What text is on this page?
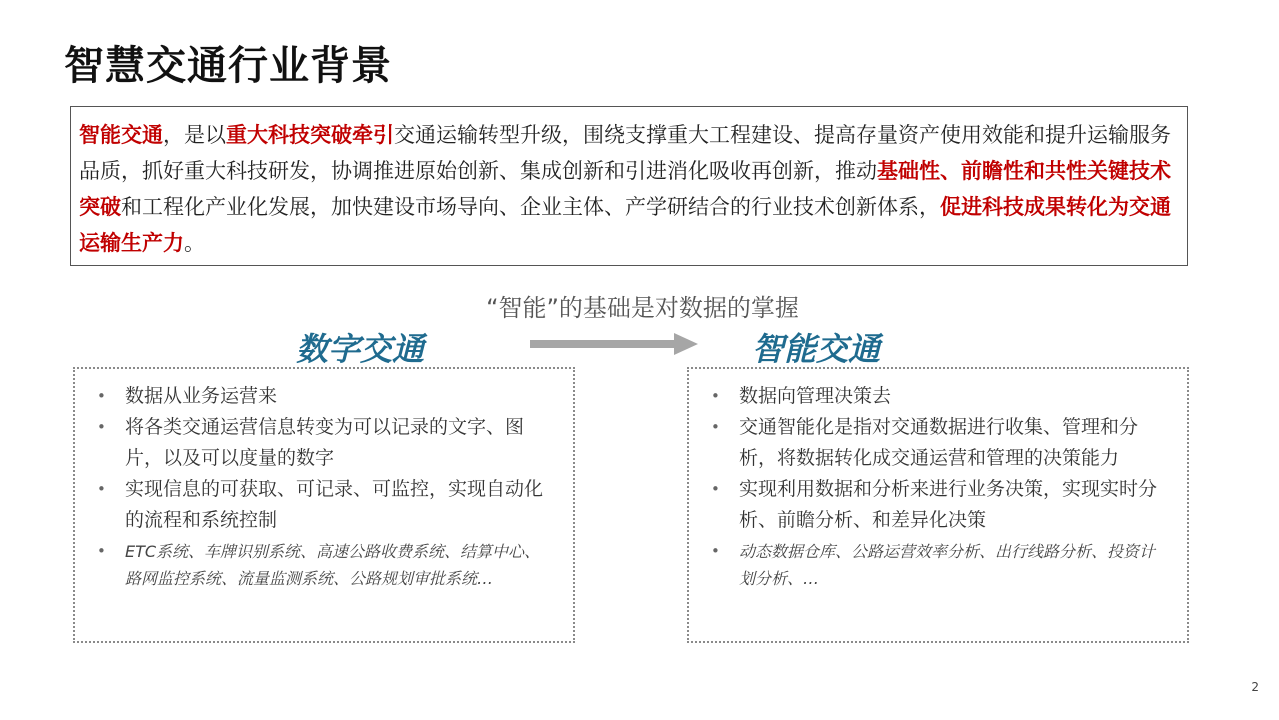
智慧交通行业背景
智能交通，是以重大科技突破牵引交通运输转型升级，围绕支撑重大工程建设、提高存量资产使用效能和提升运输服务品质，抓好重大科技研发，协调推进原始创新、集成创新和引进消化吸收再创新，推动基础性、前瞻性和共性关键技术突破和工程化产业化发展，加快建设市场导向、企业主体、产学研结合的行业技术创新体系，促进科技成果转化为交通运输生产力。
“智能”的基础是对数据的掌握
数字交通	智能交通
• 数据从业务运营来
• 将各类交通运营信息转变为可以记录的文字、图片，以及可以度量的数字
• 实现信息的可获取、可记录、可监控，实现自动化的流程和系统控制
• ETC系统、车牌识别系统、高速公路收费系统、结算中心、路网监控系统、流量监测系统、公路规划审批系统…
• 数据向管理决策去
• 交通智能化是指对交通数据进行收集、管理和分析，将数据转化成交通运营和管理的决策能力
• 实现利用数据和分析来进行业务决策，实现实时分析、前瞻分析、和差异化决策
• 动态数据仓库、公路运营效率分析、出行线路分析、投资计划分析、…
2
